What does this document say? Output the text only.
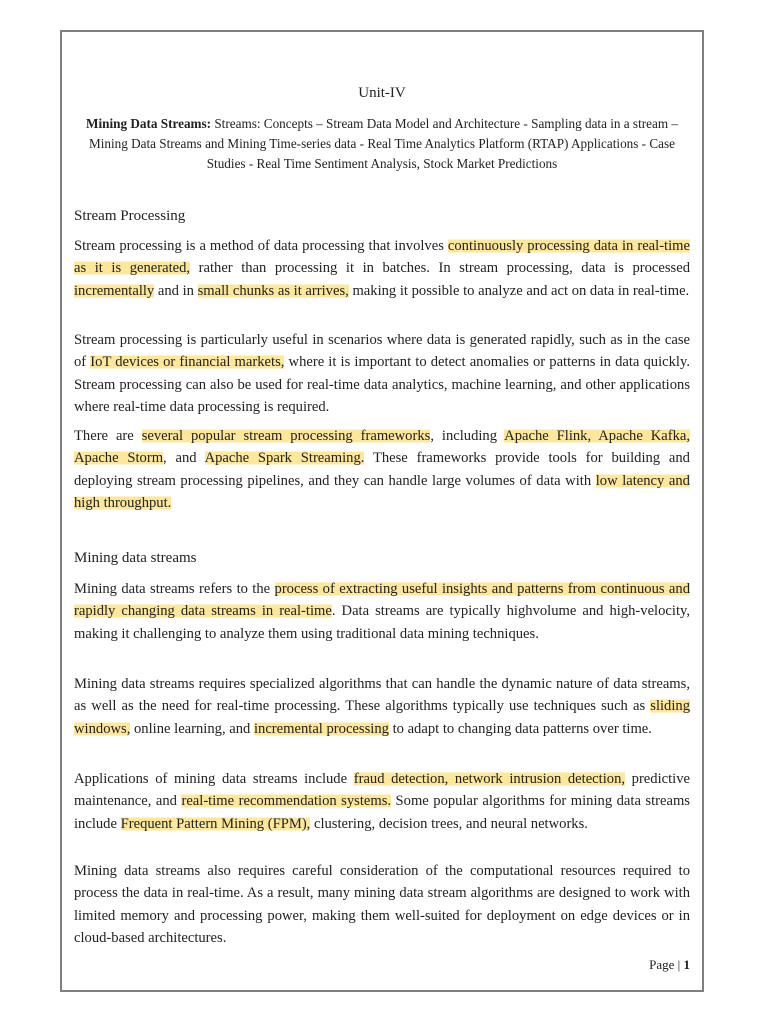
Unit-IV
Mining Data Streams: Streams: Concepts – Stream Data Model and Architecture - Sampling data in a stream – Mining Data Streams and Mining Time-series data - Real Time Analytics Platform (RTAP) Applications - Case Studies - Real Time Sentiment Analysis, Stock Market Predictions
Stream Processing

Stream processing is a method of data processing that involves continuously processing data in real-time as it is generated, rather than processing it in batches. In stream processing, data is processed incrementally and in small chunks as it arrives, making it possible to analyze and act on data in real-time.

Stream processing is particularly useful in scenarios where data is generated rapidly, such as in the case of IoT devices or financial markets, where it is important to detect anomalies or patterns in data quickly. Stream processing can also be used for real-time data analytics, machine learning, and other applications where real-time data processing is required.

There are several popular stream processing frameworks, including Apache Flink, Apache Kafka, Apache Storm, and Apache Spark Streaming. These frameworks provide tools for building and deploying stream processing pipelines, and they can handle large volumes of data with low latency and high throughput.

Mining data streams

Mining data streams refers to the process of extracting useful insights and patterns from continuous and rapidly changing data streams in real-time. Data streams are typically highvolume and high-velocity, making it challenging to analyze them using traditional data mining techniques.

Mining data streams requires specialized algorithms that can handle the dynamic nature of data streams, as well as the need for real-time processing. These algorithms typically use techniques such as sliding windows, online learning, and incremental processing to adapt to changing data patterns over time.

Applications of mining data streams include fraud detection, network intrusion detection, predictive maintenance, and real-time recommendation systems. Some popular algorithms for mining data streams include Frequent Pattern Mining (FPM), clustering, decision trees, and neural networks.

Mining data streams also requires careful consideration of the computational resources required to process the data in real-time. As a result, many mining data stream algorithms are designed to work with limited memory and processing power, making them well-suited for deployment on edge devices or in cloud-based architectures.

Page | 1
